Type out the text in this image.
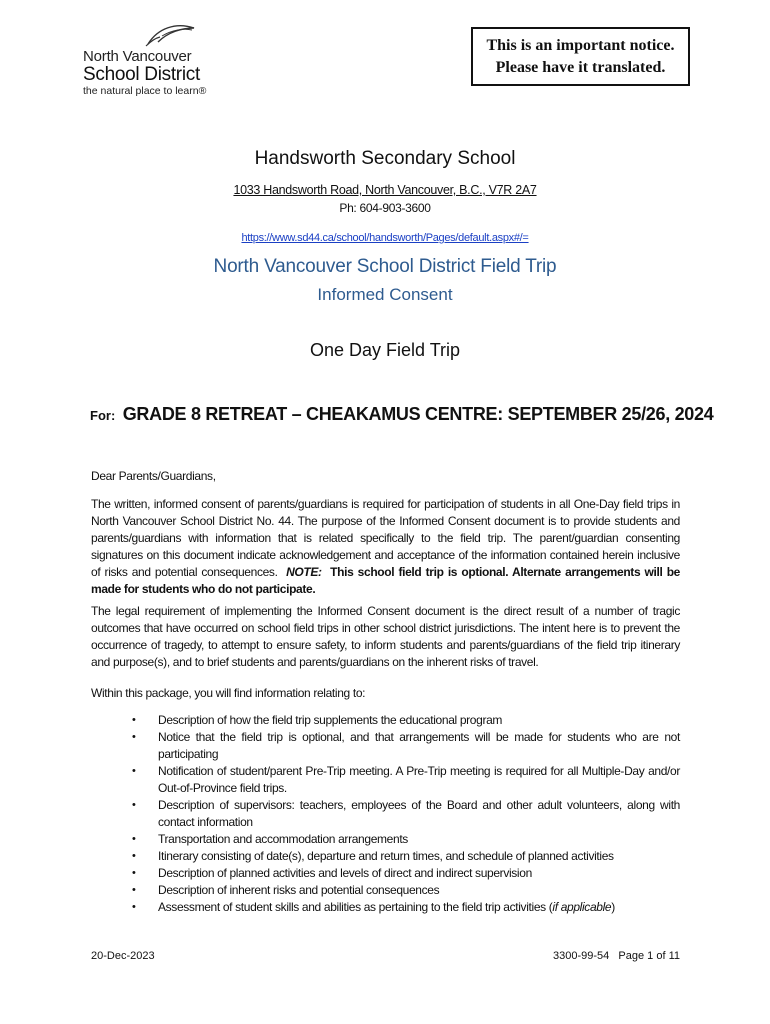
North Vancouver
School District
the natural place to learn®
This is an important notice.
Please have it translated.
Handsworth Secondary School
1033 Handsworth Road, North Vancouver, B.C., V7R 2A7
Ph: 604-903-3600
https://www.sd44.ca/school/handsworth/Pages/default.aspx#/=
North Vancouver School District Field Trip
Informed Consent
One Day Field Trip
For: GRADE 8 RETREAT – CHEAKAMUS CENTRE: SEPTEMBER 25/26, 2024
Dear Parents/Guardians,

The written, informed consent of parents/guardians is required for participation of students in all One-Day field trips in North Vancouver School District No. 44. The purpose of the Informed Consent document is to provide students and parents/guardians with information that is related specifically to the field trip. The parent/guardian consenting signatures on this document indicate acknowledgement and acceptance of the information contained herein inclusive of risks and potential consequences. NOTE: This school field trip is optional. Alternate arrangements will be made for students who do not participate.

The legal requirement of implementing the Informed Consent document is the direct result of a number of tragic outcomes that have occurred on school field trips in other school district jurisdictions. The intent here is to prevent the occurrence of tragedy, to attempt to ensure safety, to inform students and parents/guardians of the field trip itinerary and purpose(s), and to brief students and parents/guardians on the inherent risks of travel.

Within this package, you will find information relating to:
• Description of how the field trip supplements the educational program
• Notice that the field trip is optional, and that arrangements will be made for students who are not participating
• Notification of student/parent Pre-Trip meeting. A Pre-Trip meeting is required for all Multiple-Day and/or Out-of-Province field trips.
• Description of supervisors: teachers, employees of the Board and other adult volunteers, along with contact information
• Transportation and accommodation arrangements
• Itinerary consisting of date(s), departure and return times, and schedule of planned activities
• Description of planned activities and levels of direct and indirect supervision
• Description of inherent risks and potential consequences
• Assessment of student skills and abilities as pertaining to the field trip activities (if applicable)
20-Dec-2023	3300-99-54 Page 1 of 11
